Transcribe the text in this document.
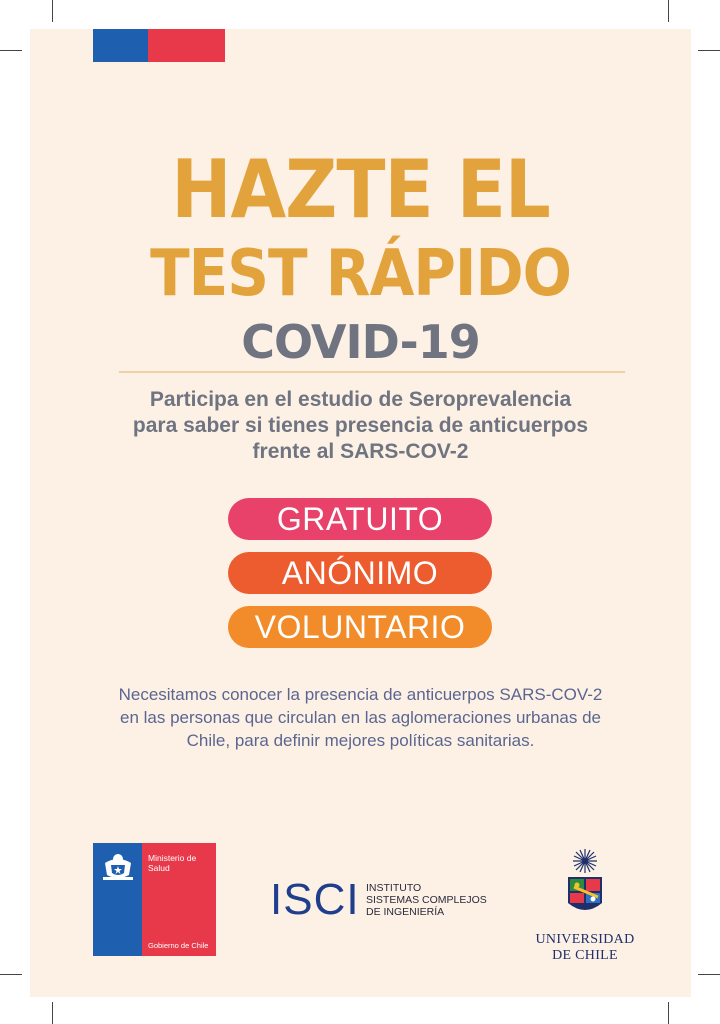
HAZTE EL
TEST RÁPIDO
COVID-19
Participa en el estudio de Seroprevalencia
para saber si tienes presencia de anticuerpos
frente al SARS-COV-2
GRATUITO
ANÓNIMO
VOLUNTARIO
Necesitamos conocer la presencia de anticuerpos SARS-COV-2
en las personas que circulan en las aglomeraciones urbanas de
Chile, para definir mejores políticas sanitarias.
Ministerio de
Salud
Gobierno de Chile
ISCI INSTITUTO
SISTEMAS COMPLEJOS
DE INGENIERÍA
UNIVERSIDAD
DE CHILE
